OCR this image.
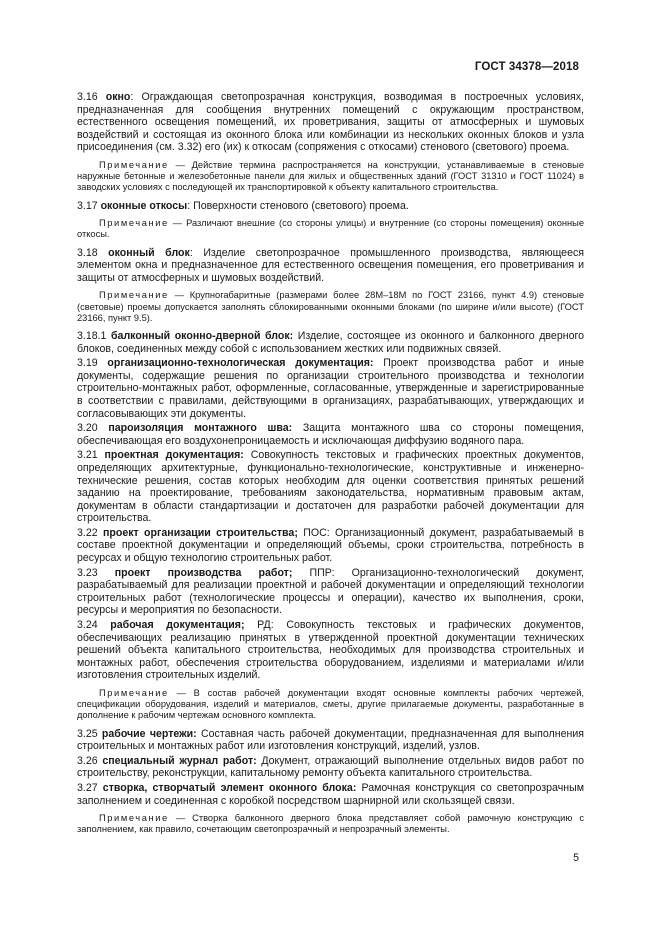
ГОСТ 34378—2018

3.16 окно: Ограждающая светопрозрачная конструкция, возводимая в построечных условиях, предназначенная для сообщения внутренних помещений с окружающим пространством, естественного освещения помещений, их проветривания, защиты от атмосферных и шумовых воздействий и состоящая из оконного блока или комбинации из нескольких оконных блоков и узла присоединения (см. 3.32) его (их) к откосам (сопряжения с откосами) стенового (светового) проема.

Примечание — Действие термина распространяется на конструкции, устанавливаемые в стеновые наружные бетонные и железобетонные панели для жилых и общественных зданий (ГОСТ 31310 и ГОСТ 11024) в заводских условиях с последующей их транспортировкой к объекту капитального строительства.

3.17 оконные откосы: Поверхности стенового (светового) проема.

Примечание — Различают внешние (со стороны улицы) и внутренние (со стороны помещения) оконные откосы.

3.18 оконный блок: Изделие светопрозрачное промышленного производства, являющееся элементом окна и предназначенное для естественного освещения помещения, его проветривания и защиты от атмосферных и шумовых воздействий.

Примечание — Крупногабаритные (размерами более 28М–18М по ГОСТ 23166, пункт 4.9) стеновые (световые) проемы допускается заполнять сблокированными оконными блоками (по ширине и/или высоте) (ГОСТ 23166, пункт 9.5).

3.18.1 балконный оконно-дверной блок: Изделие, состоящее из оконного и балконного дверного блоков, соединенных между собой с использованием жестких или подвижных связей.

3.19 организационно-технологическая документация: Проект производства работ и иные документы, содержащие решения по организации строительного производства и технологии строительно-монтажных работ, оформленные, согласованные, утвержденные и зарегистрированные в соответствии с правилами, действующими в организациях, разрабатывающих, утверждающих и согласовывающих эти документы.

3.20 пароизоляция монтажного шва: Защита монтажного шва со стороны помещения, обеспечивающая его воздухонепроницаемость и исключающая диффузию водяного пара.

3.21 проектная документация: Совокупность текстовых и графических проектных документов, определяющих архитектурные, функционально-технологические, конструктивные и инженерно-технические решения, состав которых необходим для оценки соответствия принятых решений заданию на проектирование, требованиям законодательства, нормативным правовым актам, документам в области стандартизации и достаточен для разработки рабочей документации для строительства.

3.22 проект организации строительства; ПОС: Организационный документ, разрабатываемый в составе проектной документации и определяющий объемы, сроки строительства, потребность в ресурсах и общую технологию строительных работ.

3.23 проект производства работ; ППР: Организационно-технологический документ, разрабатываемый для реализации проектной и рабочей документации и определяющий технологии строительных работ (технологические процессы и операции), качество их выполнения, сроки, ресурсы и мероприятия по безопасности.

3.24 рабочая документация; РД: Совокупность текстовых и графических документов, обеспечивающих реализацию принятых в утвержденной проектной документации технических решений объекта капитального строительства, необходимых для производства строительных и монтажных работ, обеспечения строительства оборудованием, изделиями и материалами и/или изготовления строительных изделий.

Примечание — В состав рабочей документации входят основные комплекты рабочих чертежей, спецификации оборудования, изделий и материалов, сметы, другие прилагаемые документы, разработанные в дополнение к рабочим чертежам основного комплекта.

3.25 рабочие чертежи: Составная часть рабочей документации, предназначенная для выполнения строительных и монтажных работ или изготовления конструкций, изделий, узлов.

3.26 специальный журнал работ: Документ, отражающий выполнение отдельных видов работ по строительству, реконструкции, капитальному ремонту объекта капитального строительства.

3.27 створка, створчатый элемент оконного блока: Рамочная конструкция со светопрозрачным заполнением и соединенная с коробкой посредством шарнирной или скользящей связи.

Примечание — Створка балконного дверного блока представляет собой рамочную конструкцию с заполнением, как правило, сочетающим светопрозрачный и непрозрачный элементы.

5
